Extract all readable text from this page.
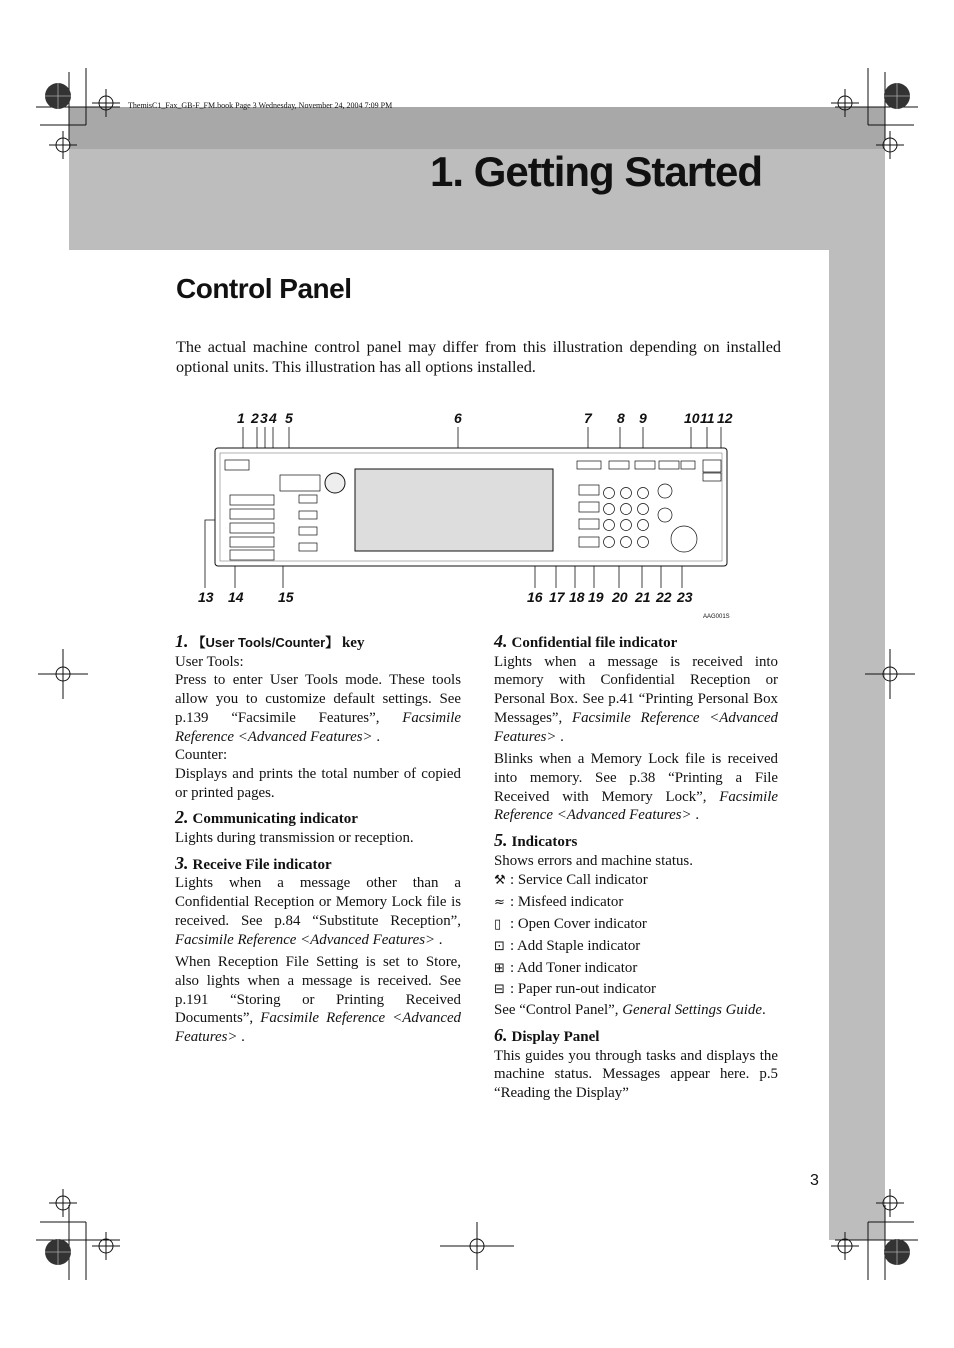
ThemisC1_Fax_GB-F_FM.book Page 3 Wednesday, November 24, 2004 7:09 PM
1. Getting Started
Control Panel

The actual machine control panel may differ from this illustration depending on installed optional units. This illustration has all options installed.

1 2 3 4 5	6	7 8 9	10 11 12
13 14 15	16 17 18 19 20 21 22 23
AAG001S

1. 【User Tools/Counter】 key

User Tools:

Press to enter User Tools mode. These tools allow you to customize default settings. See p.139 “Facsimile Features”, Facsimile Reference <Advanced Features> .

Counter:

Displays and prints the total number of copied or printed pages.

2. Communicating indicator

Lights during transmission or reception.

3. Receive File indicator

Lights when a message other than a Confidential Reception or Memory Lock file is received. See p.84 “Substitute Reception”, Facsimile Reference <Advanced Features> .

When Reception File Setting is set to Store, also lights when a message is received. See p.191 “Storing or Printing Received Documents”, Facsimile Reference <Advanced Features> .

4. Confidential file indicator

Lights when a message is received into memory with Confidential Reception or Personal Box. See p.41 “Printing Personal Box Messages”, Facsimile Reference <Advanced Features> .

Blinks when a Memory Lock file is received into memory. See p.38 “Printing a File Received with Memory Lock”, Facsimile Reference <Advanced Features> .

5. Indicators

Shows errors and machine status.

⚒ : Service Call indicator

≈ : Misfeed indicator

▯ : Open Cover indicator

⊡ : Add Staple indicator

⊞ : Add Toner indicator

⊟ : Paper run-out indicator

See “Control Panel”, General Settings Guide.

6. Display Panel

This guides you through tasks and displays the machine status. Messages appear here. p.5 “Reading the Display”

3
